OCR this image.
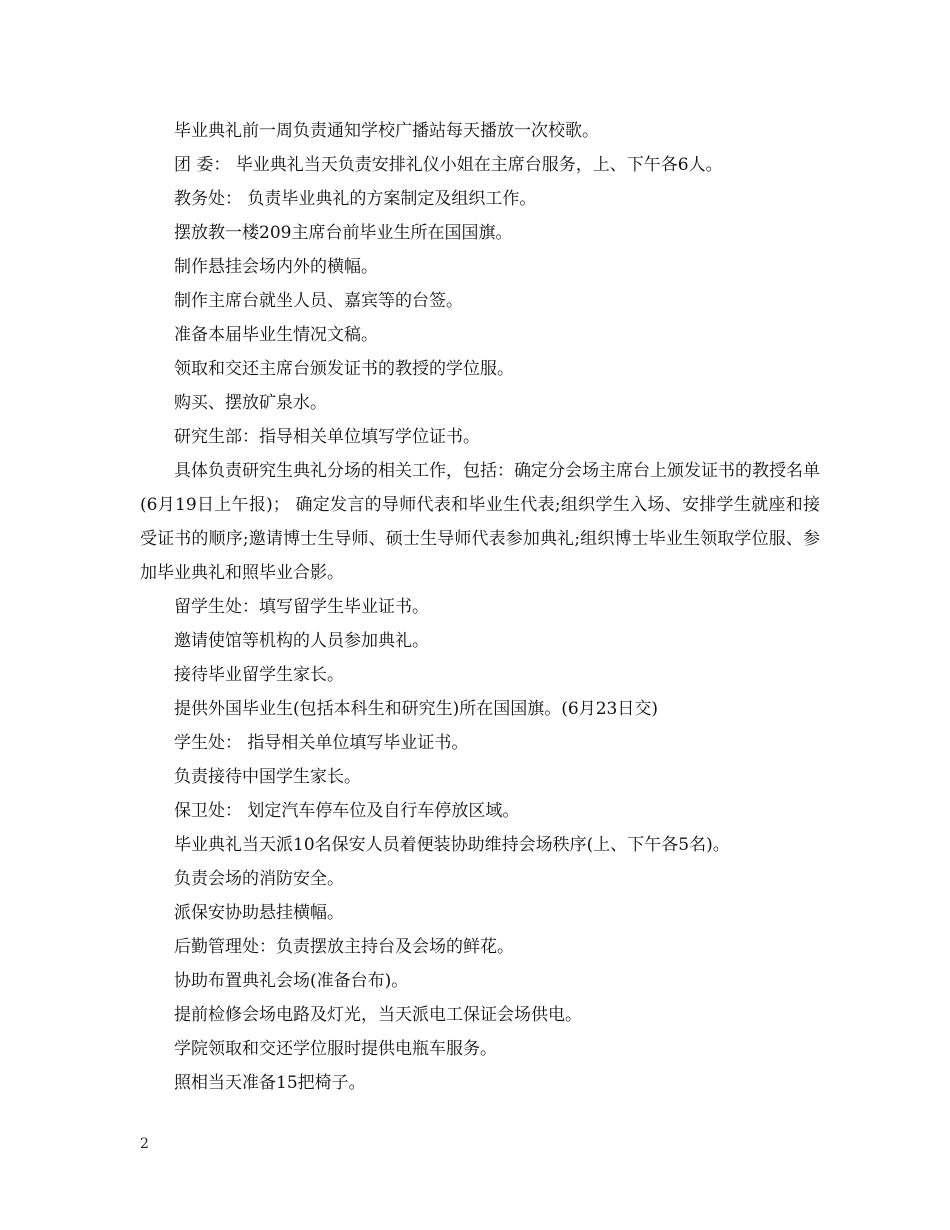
毕业典礼前一周负责通知学校广播站每天播放一次校歌。

团 委： 毕业典礼当天负责安排礼仪小姐在主席台服务，上、下午各6人。

教务处： 负责毕业典礼的方案制定及组织工作。

摆放教一楼209主席台前毕业生所在国国旗。

制作悬挂会场内外的横幅。

制作主席台就坐人员、嘉宾等的台签。

准备本届毕业生情况文稿。

领取和交还主席台颁发证书的教授的学位服。

购买、摆放矿泉水。

研究生部：指导相关单位填写学位证书。

具体负责研究生典礼分场的相关工作，包括：确定分会场主席台上颁发证书的教授名单(6月19日上午报)； 确定发言的导师代表和毕业生代表;组织学生入场、安排学生就座和接受证书的顺序;邀请博士生导师、硕士生导师代表参加典礼;组织博士毕业生领取学位服、参加毕业典礼和照毕业合影。

留学生处：填写留学生毕业证书。

邀请使馆等机构的人员参加典礼。

接待毕业留学生家长。

提供外国毕业生(包括本科生和研究生)所在国国旗。(6月23日交)

学生处： 指导相关单位填写毕业证书。

负责接待中国学生家长。

保卫处： 划定汽车停车位及自行车停放区域。

毕业典礼当天派10名保安人员着便装协助维持会场秩序(上、下午各5名)。

负责会场的消防安全。

派保安协助悬挂横幅。

后勤管理处：负责摆放主持台及会场的鲜花。

协助布置典礼会场(准备台布)。

提前检修会场电路及灯光，当天派电工保证会场供电。

学院领取和交还学位服时提供电瓶车服务。

照相当天准备15把椅子。

2
